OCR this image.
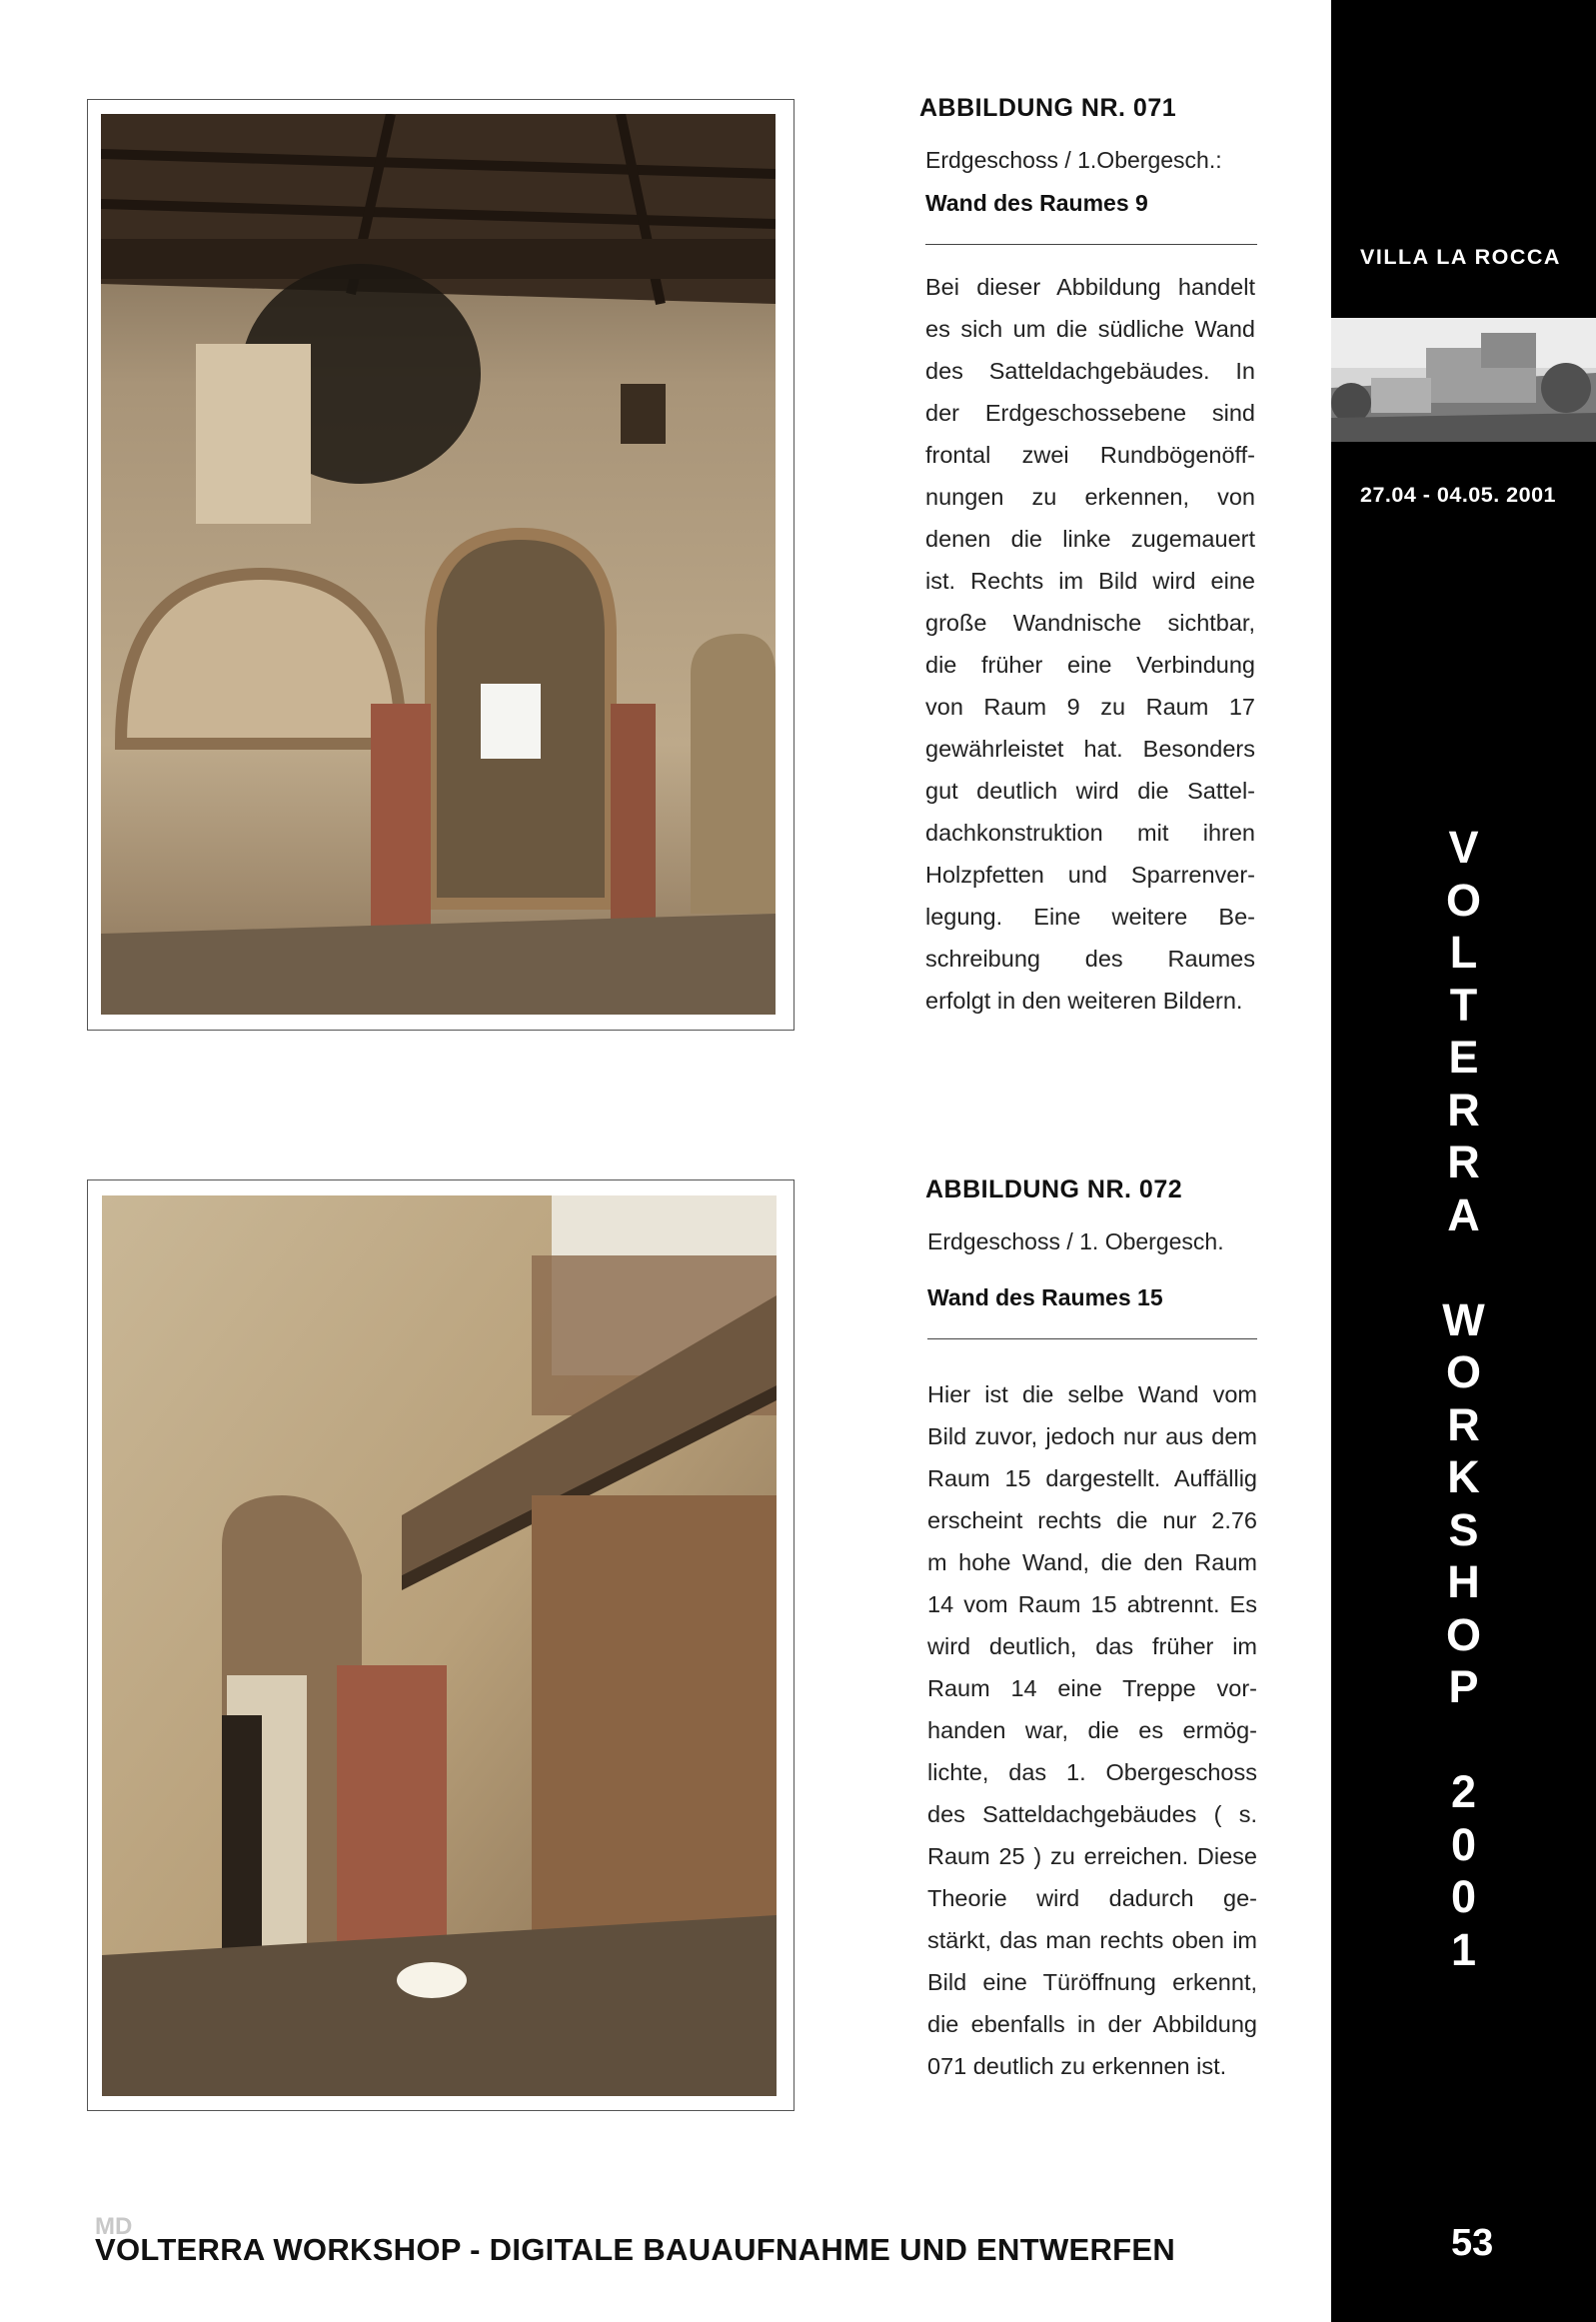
ABBILDUNG NR. 071
Erdgeschoss / 1.Obergesch.:
Wand des Raumes 9
Bei dieser Abbildung handelt
es sich um die südliche Wand
des Satteldachgebäudes. In
der Erdgeschossebene sind
frontal zwei Rundbögenöff-
nungen zu erkennen, von
denen die linke zugemauert
ist. Rechts im Bild wird eine
große Wandnische sichtbar,
die früher eine Verbindung
von Raum 9 zu Raum 17
gewährleistet hat. Besonders
gut deutlich wird die Sattel-
dachkonstruktion mit ihren
Holzpfetten und Sparrenver-
legung. Eine weitere Be-
schreibung des Raumes
erfolgt in den weiteren Bildern.
ABBILDUNG NR. 072
Erdgeschoss / 1. Obergesch.
Wand des Raumes 15
Hier ist die selbe Wand vom
Bild zuvor, jedoch nur aus dem
Raum 15 dargestellt. Auffällig
erscheint rechts die nur 2.76
m hohe Wand, die den Raum
14 vom Raum 15 abtrennt. Es
wird deutlich, das früher im
Raum 14 eine Treppe vor-
handen war, die es ermög-
lichte, das 1. Obergeschoss
des Satteldachgebäudes ( s.
Raum 25 ) zu erreichen. Diese
Theorie wird dadurch ge-
stärkt, das man rechts oben im
Bild eine Türöffnung erkennt,
die ebenfalls in der Abbildung
071 deutlich zu erkennen ist.
VILLA LA ROCCA
27.04 - 04.05. 2001
V
O
L
T
E
R
R
A
W
O
R
K
S
H
O
P
2
0
0
1
53
MD
VOLTERRA WORKSHOP - DIGITALE BAUAUFNAHME UND ENTWERFEN
